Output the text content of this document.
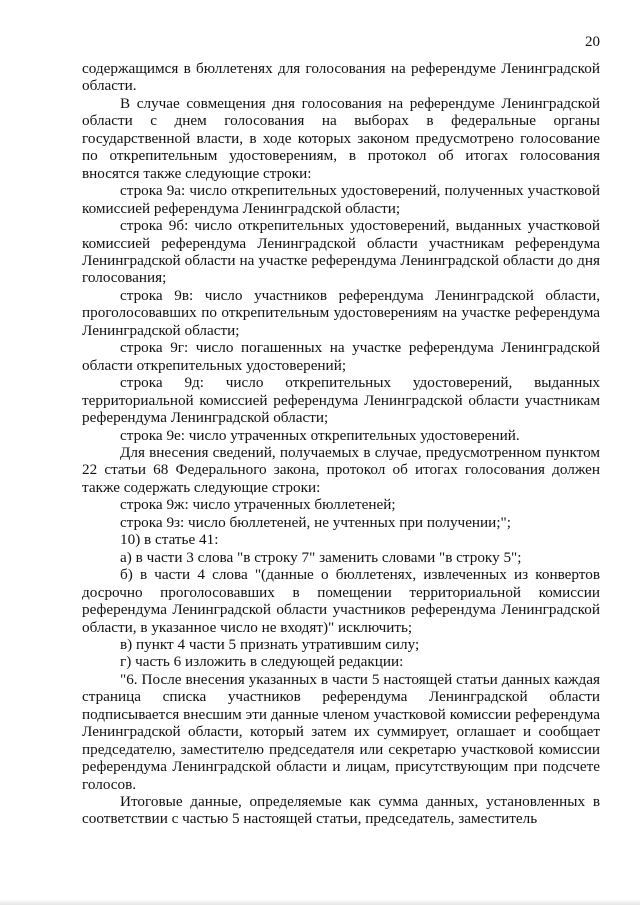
20

содержащимся в бюллетенях для голосования на референдуме Ленинградской области.

В случае совмещения дня голосования на референдуме Ленинградской области с днем голосования на выборах в федеральные органы государственной власти, в ходе которых законом предусмотрено голосование по открепительным удостоверениям, в протокол об итогах голосования вносятся также следующие строки:

строка 9а: число открепительных удостоверений, полученных участковой комиссией референдума Ленинградской области;

строка 9б: число открепительных удостоверений, выданных участковой комиссией референдума Ленинградской области участникам референдума Ленинградской области на участке референдума Ленинградской области до дня голосования;

строка 9в: число участников референдума Ленинградской области, проголосовавших по открепительным удостоверениям на участке референдума Ленинградской области;

строка 9г: число погашенных на участке референдума Ленинградской области открепительных удостоверений;

строка 9д: число открепительных удостоверений, выданных территориальной комиссией референдума Ленинградской области участникам референдума Ленинградской области;

строка 9е: число утраченных открепительных удостоверений.

Для внесения сведений, получаемых в случае, предусмотренном пунктом 22 статьи 68 Федерального закона, протокол об итогах голосования должен также содержать следующие строки:

строка 9ж: число утраченных бюллетеней;

строка 9з: число бюллетеней, не учтенных при получении;";

10) в статье 41:

а) в части 3 слова "в строку 7" заменить словами "в строку 5";

б) в части 4 слова "(данные о бюллетенях, извлеченных из конвертов досрочно проголосовавших в помещении территориальной комиссии референдума Ленинградской области участников референдума Ленинградской области, в указанное число не входят)" исключить;

в) пункт 4 части 5 признать утратившим силу;

г) часть 6 изложить в следующей редакции:

"6. После внесения указанных в части 5 настоящей статьи данных каждая страница списка участников референдума Ленинградской области подписывается внесшим эти данные членом участковой комиссии референдума Ленинградской области, который затем их суммирует, оглашает и сообщает председателю, заместителю председателя или секретарю участковой комиссии референдума Ленинградской области и лицам, присутствующим при подсчете голосов.

Итоговые данные, определяемые как сумма данных, установленных в соответствии с частью 5 настоящей статьи, председатель, заместитель
